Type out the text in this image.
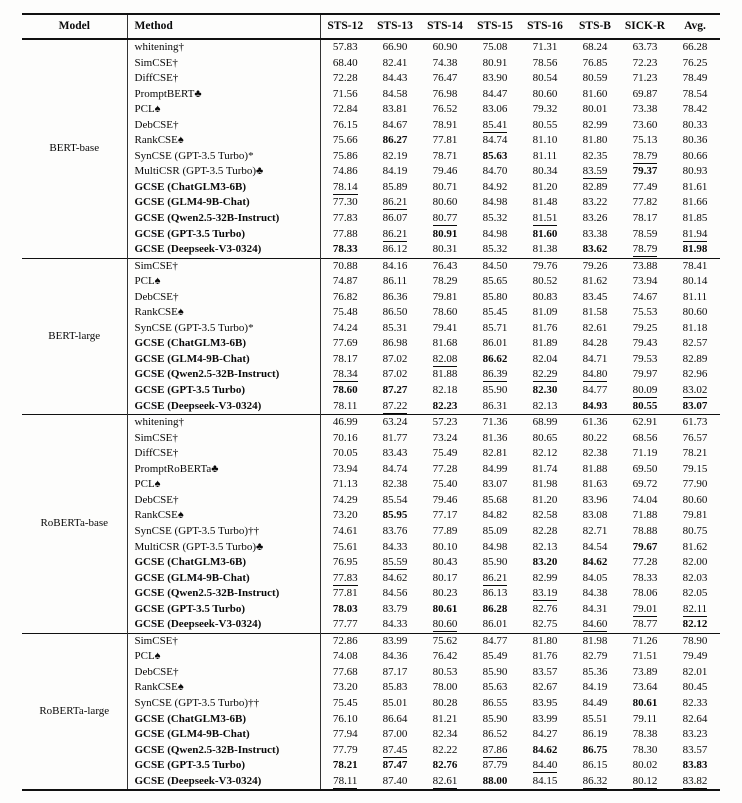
Model	Method	STS-12	STS-13	STS-14	STS-15	STS-16	STS-B	SICK-R	Avg.
BERT-base	whitening†	57.83	66.90	60.90	75.08	71.31	68.24	63.73	66.28
	SimCSE†	68.40	82.41	74.38	80.91	78.56	76.85	72.23	76.25
	DiffCSE†	72.28	84.43	76.47	83.90	80.54	80.59	71.23	78.49
	PromptBERT♣	71.56	84.58	76.98	84.47	80.60	81.60	69.87	78.54
	PCL♠	72.84	83.81	76.52	83.06	79.32	80.01	73.38	78.42
	DebCSE†	76.15	84.67	78.91	85.41	80.55	82.99	73.60	80.33
	RankCSE♠	75.66	86.27	77.81	84.74	81.10	81.80	75.13	80.36
	SynCSE (GPT-3.5 Turbo)*	75.86	82.19	78.71	85.63	81.11	82.35	78.79	80.66
	MultiCSR (GPT-3.5 Turbo)♣	74.86	84.19	79.46	84.70	80.34	83.59	79.37	80.93
	GCSE (ChatGLM3-6B)	78.14	85.89	80.71	84.92	81.20	82.89	77.49	81.61
	GCSE (GLM4-9B-Chat)	77.30	86.21	80.60	84.98	81.48	83.22	77.82	81.66
	GCSE (Qwen2.5-32B-Instruct)	77.83	86.07	80.77	85.32	81.51	83.26	78.17	81.85
	GCSE (GPT-3.5 Turbo)	77.88	86.21	80.91	84.98	81.60	83.38	78.59	81.94
	GCSE (Deepseek-V3-0324)	78.33	86.12	80.31	85.32	81.38	83.62	78.79	81.98
BERT-large	SimCSE†	70.88	84.16	76.43	84.50	79.76	79.26	73.88	78.41
	PCL♠	74.87	86.11	78.29	85.65	80.52	81.62	73.94	80.14
	DebCSE†	76.82	86.36	79.81	85.80	80.83	83.45	74.67	81.11
	RankCSE♠	75.48	86.50	78.60	85.45	81.09	81.58	75.53	80.60
	SynCSE (GPT-3.5 Turbo)*	74.24	85.31	79.41	85.71	81.76	82.61	79.25	81.18
	GCSE (ChatGLM3-6B)	77.69	86.98	81.68	86.01	81.89	84.28	79.43	82.57
	GCSE (GLM4-9B-Chat)	78.17	87.02	82.08	86.62	82.04	84.71	79.53	82.89
	GCSE (Qwen2.5-32B-Instruct)	78.34	87.02	81.88	86.39	82.29	84.80	79.97	82.96
	GCSE (GPT-3.5 Turbo)	78.60	87.27	82.18	85.90	82.30	84.77	80.09	83.02
	GCSE (Deepseek-V3-0324)	78.11	87.22	82.23	86.31	82.13	84.93	80.55	83.07
RoBERTa-base	whitening†	46.99	63.24	57.23	71.36	68.99	61.36	62.91	61.73
	SimCSE†	70.16	81.77	73.24	81.36	80.65	80.22	68.56	76.57
	DiffCSE†	70.05	83.43	75.49	82.81	82.12	82.38	71.19	78.21
	PromptRoBERTa♣	73.94	84.74	77.28	84.99	81.74	81.88	69.50	79.15
	PCL♠	71.13	82.38	75.40	83.07	81.98	81.63	69.72	77.90
	DebCSE†	74.29	85.54	79.46	85.68	81.20	83.96	74.04	80.60
	RankCSE♠	73.20	85.95	77.17	84.82	82.58	83.08	71.88	79.81
	SynCSE (GPT-3.5 Turbo)††	74.61	83.76	77.89	85.09	82.28	82.71	78.88	80.75
	MultiCSR (GPT-3.5 Turbo)♣	75.61	84.33	80.10	84.98	82.13	84.54	79.67	81.62
	GCSE (ChatGLM3-6B)	76.95	85.59	80.43	85.90	83.20	84.62	77.28	82.00
	GCSE (GLM4-9B-Chat)	77.83	84.62	80.17	86.21	82.99	84.05	78.33	82.03
	GCSE (Qwen2.5-32B-Instruct)	77.81	84.56	80.23	86.13	83.19	84.38	78.06	82.05
	GCSE (GPT-3.5 Turbo)	78.03	83.79	80.61	86.28	82.76	84.31	79.01	82.11
	GCSE (Deepseek-V3-0324)	77.77	84.33	80.60	86.01	82.75	84.60	78.77	82.12
RoBERTa-large	SimCSE†	72.86	83.99	75.62	84.77	81.80	81.98	71.26	78.90
	PCL♠	74.08	84.36	76.42	85.49	81.76	82.79	71.51	79.49
	DebCSE†	77.68	87.17	80.53	85.90	83.57	85.36	73.89	82.01
	RankCSE♠	73.20	85.83	78.00	85.63	82.67	84.19	73.64	80.45
	SynCSE (GPT-3.5 Turbo)††	75.45	85.01	80.28	86.55	83.95	84.49	80.61	82.33
	GCSE (ChatGLM3-6B)	76.10	86.64	81.21	85.90	83.99	85.51	79.11	82.64
	GCSE (GLM4-9B-Chat)	77.94	87.00	82.34	86.52	84.27	86.19	78.38	83.23
	GCSE (Qwen2.5-32B-Instruct)	77.79	87.45	82.22	87.86	84.62	86.75	78.30	83.57
	GCSE (GPT-3.5 Turbo)	78.21	87.47	82.76	87.79	84.40	86.15	80.02	83.83
	GCSE (Deepseek-V3-0324)	78.11	87.40	82.61	88.00	84.15	86.32	80.12	83.82
